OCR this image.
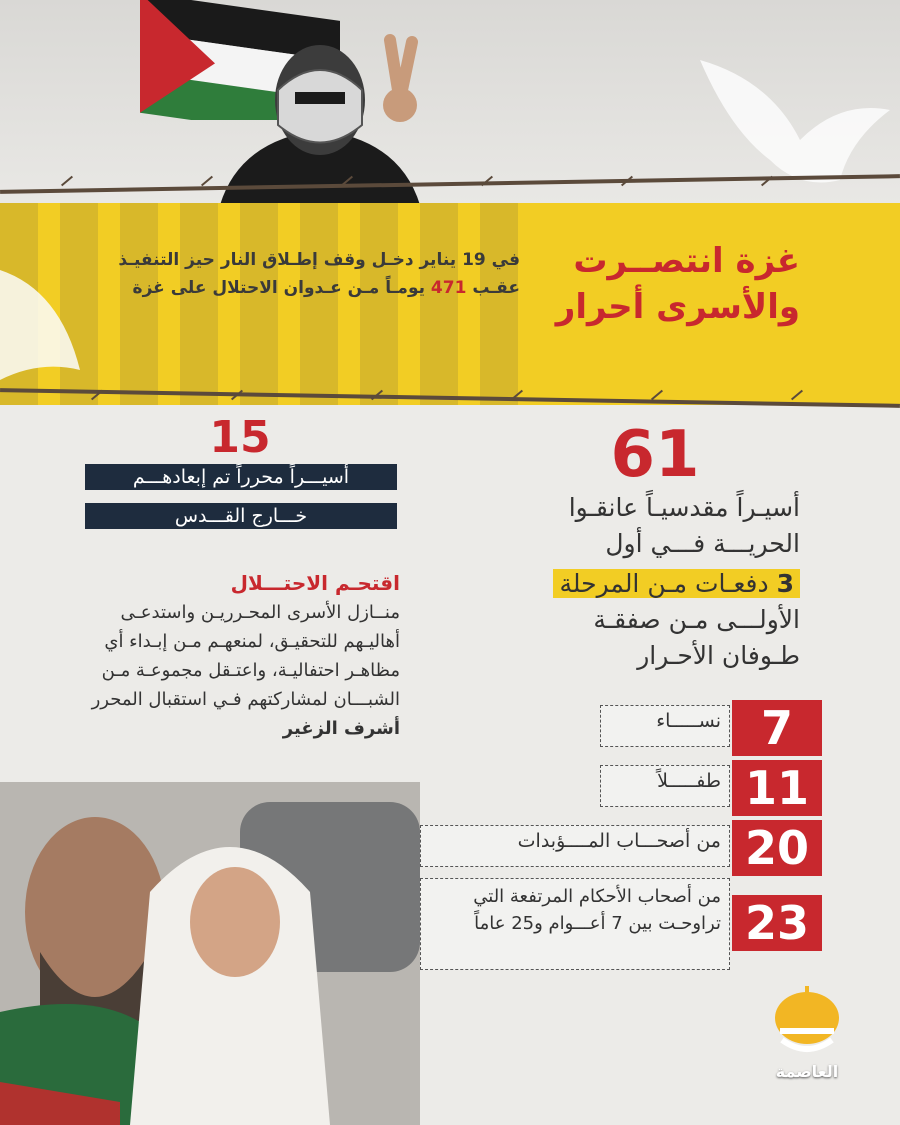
غزة انتصــرت
والأسرى أحرار
في 19 يناير دخـل وقف إطـلاق النار حيز التنفيـذ عقـب 471 يومـاً مـن عـدوان الاحتلال على غزة
15
أسيـــراً محرراً تم إبعادهـــم
خـــارج القـــدس
اقتحـم الاحتـــلال
منــازل الأسرى المحـرريـن واستدعـى أهاليـهم للتحقيـق، لمنعهـم مـن إبـداء أي مظاهـر احتفاليـة، واعتـقل مجموعـة مـن الشبـــان لمشاركتهم فـي استقبال المحرر أشرف الزغير
61
أسيـراً مقدسيـاً عانقـوا
الحريـــة فـــي أول
3 دفعـات مـن المرحلة
الأولـــى مـن صفقـة
طـوفان الأحـرار
7
نســـــاء
11
طفـــــلاً
20
من أصحـــاب المــــؤبدات
23
من أصحاب الأحكام المرتفعة التي تراوحـت بين 7 أعـــوام و25 عاماً
العاصمة
